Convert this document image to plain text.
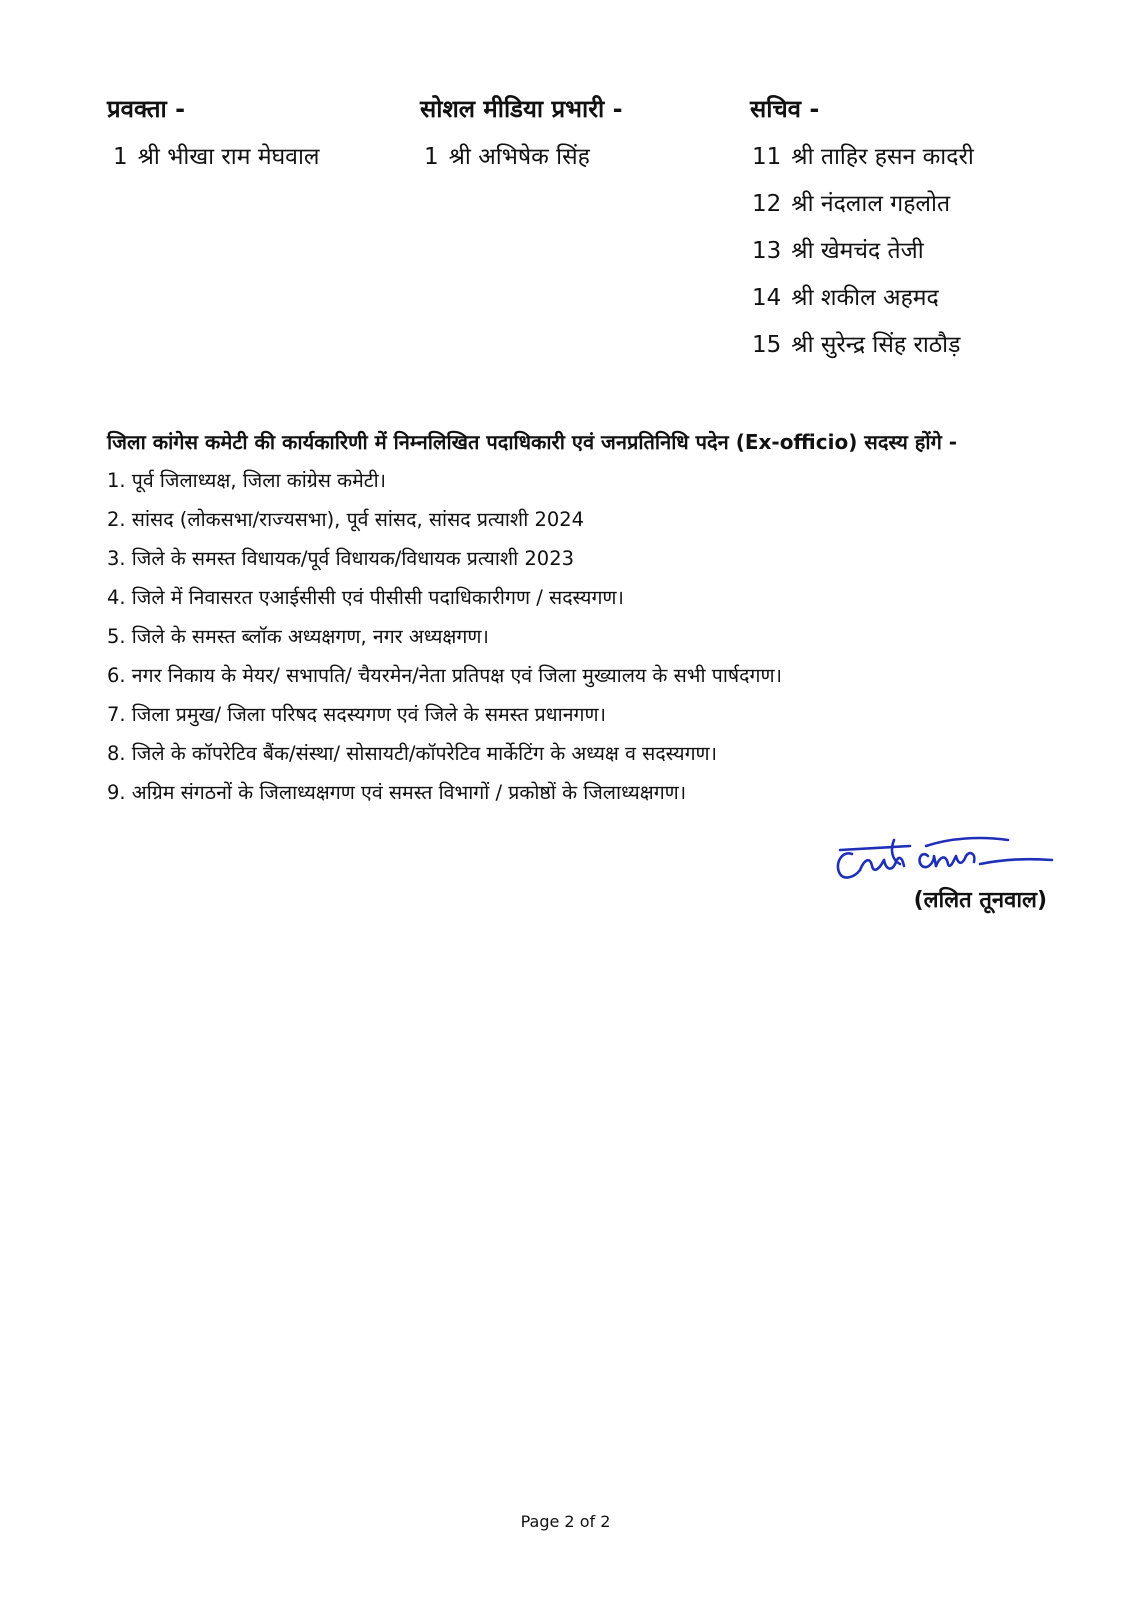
प्रवक्ता -
1 श्री भीखा राम मेघवाल
सोशल मीडिया प्रभारी -
1 श्री अभिषेक सिंह
सचिव -
11 श्री ताहिर हसन कादरी
12 श्री नंदलाल गहलोत
13 श्री खेमचंद तेजी
14 श्री शकील अहमद
15 श्री सुरेन्द्र सिंह राठौड़
जिला कांगेस कमेटी की कार्यकारिणी में निम्नलिखित पदाधिकारी एवं जनप्रतिनिधि पदेन (Ex-officio) सदस्य होंगे -
1. पूर्व जिलाध्यक्ष, जिला कांग्रेस कमेटी।
2. सांसद (लोकसभा/राज्यसभा), पूर्व सांसद, सांसद प्रत्याशी 2024
3. जिले के समस्त विधायक/पूर्व विधायक/विधायक प्रत्याशी 2023
4. जिले में निवासरत एआईसीसी एवं पीसीसी पदाधिकारीगण / सदस्यगण।
5. जिले के समस्त ब्लॉक अध्यक्षगण, नगर अध्यक्षगण।
6. नगर निकाय के मेयर/ सभापति/ चैयरमेन/नेता प्रतिपक्ष एवं जिला मुख्यालय के सभी पार्षदगण।
7. जिला प्रमुख/ जिला परिषद सदस्यगण एवं जिले के समस्त प्रधानगण।
8. जिले के कॉपरेटिव बैंक/संस्था/ सोसायटी/कॉपरेटिव मार्केटिंग के अध्यक्ष व सदस्यगण।
9. अग्रिम संगठनों के जिलाध्यक्षगण एवं समस्त विभागों / प्रकोष्ठों के जिलाध्यक्षगण।
(ललित तूनवाल)
Page 2 of 2
